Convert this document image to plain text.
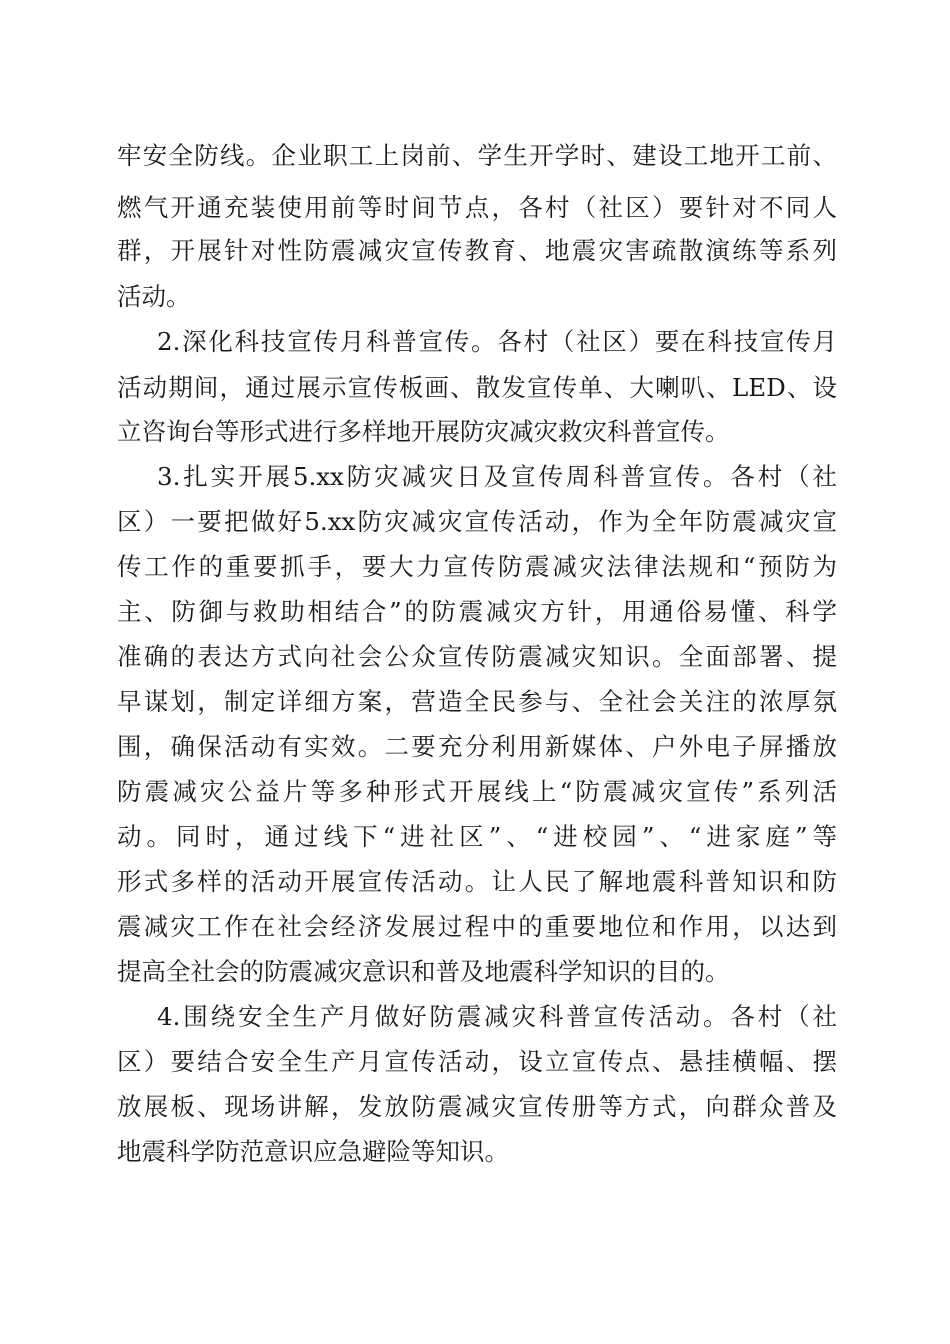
牢安全防线。企业职工上岗前、学生开学时、建设工地开工前、
燃气开通充装使用前等时间节点，各村（社区）要针对不同人
群，开展针对性防震减灾宣传教育、地震灾害疏散演练等系列
活动。
2.深化科技宣传月科普宣传。各村（社区）要在科技宣传月
活动期间，通过展示宣传板画、散发宣传单、大喇叭、LED、设
立咨询台等形式进行多样地开展防灾减灾救灾科普宣传。
3.扎实开展5.xx防灾减灾日及宣传周科普宣传。各村（社
区）一要把做好5.xx防灾减灾宣传活动，作为全年防震减灾宣
传工作的重要抓手，要大力宣传防震减灾法律法规和“预防为
主、防御与救助相结合”的防震减灾方针，用通俗易懂、科学
准确的表达方式向社会公众宣传防震减灾知识。全面部署、提
早谋划，制定详细方案，营造全民参与、全社会关注的浓厚氛
围，确保活动有实效。二要充分利用新媒体、户外电子屏播放
防震减灾公益片等多种形式开展线上“防震减灾宣传”系列活
动。同时，通过线下“进社区”、“进校园”、“进家庭”等
形式多样的活动开展宣传活动。让人民了解地震科普知识和防
震减灾工作在社会经济发展过程中的重要地位和作用，以达到
提高全社会的防震减灾意识和普及地震科学知识的目的。
4.围绕安全生产月做好防震减灾科普宣传活动。各村（社
区）要结合安全生产月宣传活动，设立宣传点、悬挂横幅、摆
放展板、现场讲解，发放防震减灾宣传册等方式，向群众普及
地震科学防范意识应急避险等知识。
